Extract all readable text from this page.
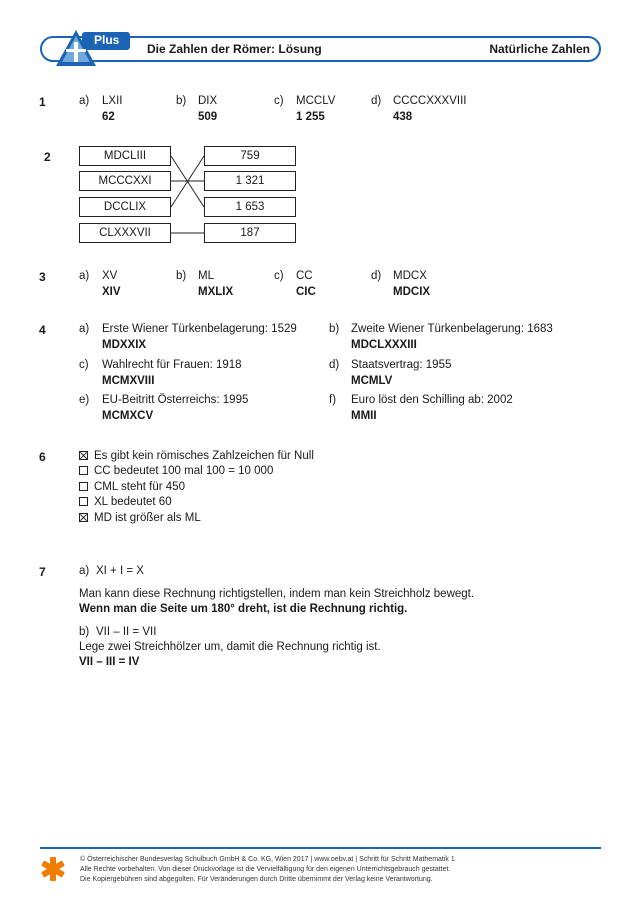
Plus
Die Zahlen der Römer: Lösung	Natürliche Zahlen
1	a) LXII
62
b) DIX
509
c) MCCLV
1 255
d) CCCCXXXVIII
438
2	MDCLIII
MCCCXXI
DCCLIX
CLXXXVII
759
1 321
1 653
187
3	a) XV
XIV
b) ML
MXLIX
c) CC
CIC
d) MDCX
MDCIX
4	a) Erste Wiener Türkenbelagerung: 1529
MDXXIX
b) Zweite Wiener Türkenbelagerung: 1683
MDCLXXXIII
c) Wahlrecht für Frauen: 1918
MCMXVIII
d) Staatsvertrag: 1955
MCMLV
e) EU-Beitritt Österreichs: 1995
MCMXCV
f) Euro löst den Schilling ab: 2002
MMII
6	Es gibt kein römisches Zahlzeichen für Null
CC bedeutet 100 mal 100 = 10 000
CML steht für 450
XL bedeutet 60
MD ist größer als ML
7	a) XI + I = X
Man kann diese Rechnung richtigstellen, indem man kein Streichholz bewegt.
Wenn man die Seite um 180° dreht, ist die Rechnung richtig.
b) VII – II = VII
Lege zwei Streichhölzer um, damit die Rechnung richtig ist.
VII – III = IV
© Österreichischer Bundesverlag Schulbuch GmbH & Co. KG, Wien 2017 | www.oebv.at | Schritt für Schritt Mathematik 1
Alle Rechte vorbehalten. Von dieser Druckvorlage ist die Vervielfältigung für den eigenen Unterrichtsgebrauch gestattet.
Die Kopiergebühren sind abgegolten. Für Veränderungen durch Dritte übernimmt der Verlag keine Verantwortung.
